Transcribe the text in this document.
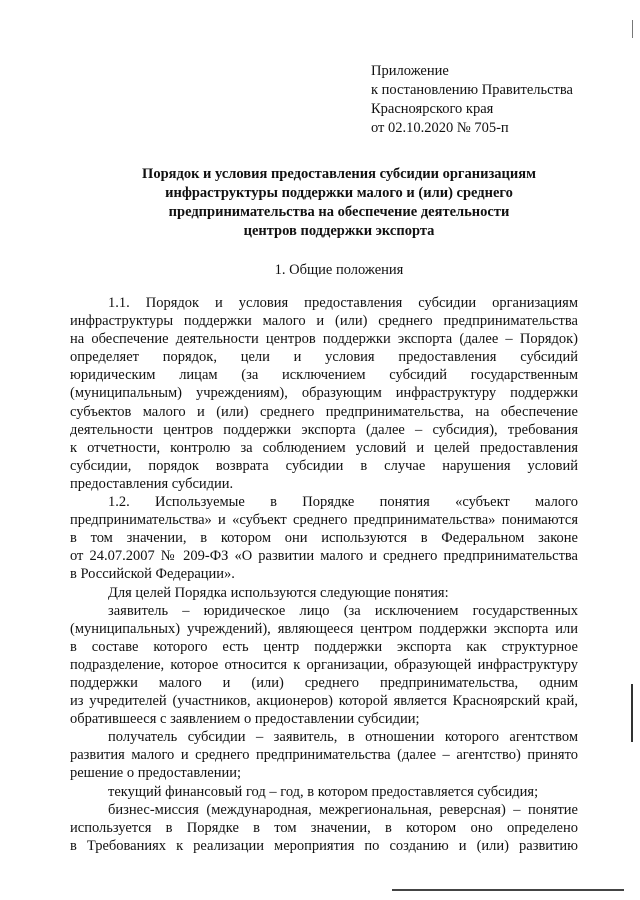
Приложение
к постановлению Правительства
Красноярского края
от 02.10.2020 № 705-п
Порядок и условия предоставления субсидии организациям
инфраструктуры поддержки малого и (или) среднего
предпринимательства на обеспечение деятельности
центров поддержки экспорта
1. Общие положения
1.1. Порядок и условия предоставления субсидии организациям
инфраструктуры поддержки малого и (или) среднего предпринимательства
на обеспечение деятельности центров поддержки экспорта (далее – Порядок)
определяет порядок, цели и условия предоставления субсидий
юридическим лицам (за исключением субсидий государственным
(муниципальным) учреждениям), образующим инфраструктуру поддержки
субъектов малого и (или) среднего предпринимательства, на обеспечение
деятельности центров поддержки экспорта (далее – субсидия), требования
к отчетности, контролю за соблюдением условий и целей предоставления
субсидии, порядок возврата субсидии в случае нарушения условий
предоставления субсидии.
1.2. Используемые в Порядке понятия «субъект малого
предпринимательства» и «субъект среднего предпринимательства» понимаются
в том значении, в котором они используются в Федеральном законе
от 24.07.2007 № 209-ФЗ «О развитии малого и среднего предпринимательства
в Российской Федерации».
Для целей Порядка используются следующие понятия:
заявитель – юридическое лицо (за исключением государственных
(муниципальных) учреждений), являющееся центром поддержки экспорта или
в составе которого есть центр поддержки экспорта как структурное
подразделение, которое относится к организации, образующей инфраструктуру
поддержки малого и (или) среднего предпринимательства, одним
из учредителей (участников, акционеров) которой является Красноярский край,
обратившееся с заявлением о предоставлении субсидии;
получатель субсидии – заявитель, в отношении которого агентством
развития малого и среднего предпринимательства (далее – агентство) принято
решение о предоставлении;
текущий финансовый год – год, в котором предоставляется субсидия;
бизнес-миссия (международная, межрегиональная, реверсная) – понятие
используется в Порядке в том значении, в котором оно определено
в Требованиях к реализации мероприятия по созданию и (или) развитию
